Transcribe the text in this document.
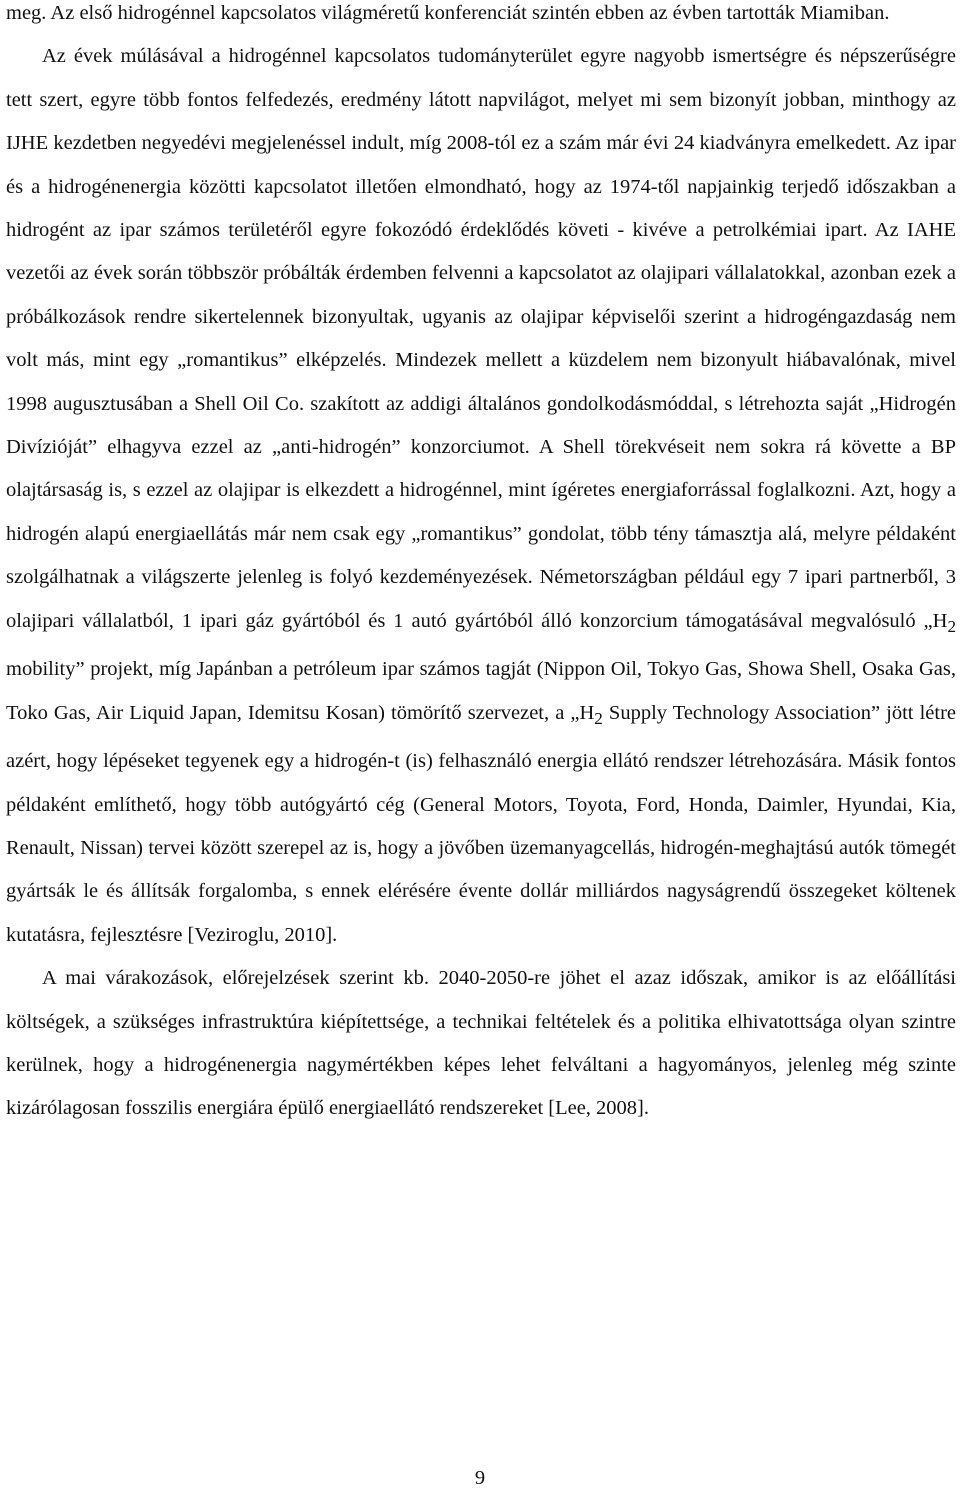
meg. Az első hidrogénnel kapcsolatos világméretű konferenciát szintén ebben az évben tartották Miamiban.

Az évek múlásával a hidrogénnel kapcsolatos tudományterület egyre nagyobb ismertségre és népszerűségre tett szert, egyre több fontos felfedezés, eredmény látott napvilágot, melyet mi sem bizonyít jobban, minthogy az IJHE kezdetben negyedévi megjelenéssel indult, míg 2008-tól ez a szám már évi 24 kiadványra emelkedett. Az ipar és a hidrogénenergia közötti kapcsolatot illetően elmondható, hogy az 1974-től napjainkig terjedő időszakban a hidrogént az ipar számos területéről egyre fokozódó érdeklődés követi - kivéve a petrolkémiai ipart. Az IAHE vezetői az évek során többször próbálták érdemben felvenni a kapcsolatot az olajipari vállalatokkal, azonban ezek a próbálkozások rendre sikertelennek bizonyultak, ugyanis az olajipar képviselői szerint a hidrogéngazdaság nem volt más, mint egy „romantikus” elképzelés. Mindezek mellett a küzdelem nem bizonyult hiábavalónak, mivel 1998 augusztusában a Shell Oil Co. szakított az addigi általános gondolkodásmóddal, s létrehozta saját „Hidrogén Divízióját” elhagyva ezzel az „anti-hidrogén” konzorciumot. A Shell törekvéseit nem sokra rá követte a BP olajtársaság is, s ezzel az olajipar is elkezdett a hidrogénnel, mint ígéretes energiaforrással foglalkozni. Azt, hogy a hidrogén alapú energiaellátás már nem csak egy „romantikus” gondolat, több tény támasztja alá, melyre példaként szolgálhatnak a világszerte jelenleg is folyó kezdeményezések. Németországban például egy 7 ipari partnerből, 3 olajipari vállalatból, 1 ipari gáz gyártóból és 1 autó gyártóból álló konzorcium támogatásával megvalósuló $„H_2$ mobility” projekt, míg Japánban a petróleum ipar számos tagját (Nippon Oil, Tokyo Gas, Showa Shell, Osaka Gas, Toko Gas, Air Liquid Japan, Idemitsu Kosan) tömörítő szervezet, a $„H_2$ Supply Technology Association” jött létre azért, hogy lépéseket tegyenek egy a hidrogén-t (is) felhasználó energia ellátó rendszer létrehozására. Másik fontos példaként említhető, hogy több autógyártó cég (General Motors, Toyota, Ford, Honda, Daimler, Hyundai, Kia, Renault, Nissan) tervei között szerepel az is, hogy a jövőben üzemanyagcellás, hidrogén-meghajtású autók tömegét gyártsák le és állítsák forgalomba, s ennek elérésére évente dollár milliárdos nagyságrendű összegeket költenek kutatásra, fejlesztésre [Veziroglu, 2010].

A mai várakozások, előrejelzések szerint kb. 2040-2050-re jöhet el azaz időszak, amikor is az előállítási költségek, a szükséges infrastruktúra kiépítettsége, a technikai feltételek és a politika elhivatottsága olyan szintre kerülnek, hogy a hidrogénenergia nagymértékben képes lehet felváltani a hagyományos, jelenleg még szinte kizárólagosan fosszilis energiára épülő energiaellátó rendszereket [Lee, 2008].

9
